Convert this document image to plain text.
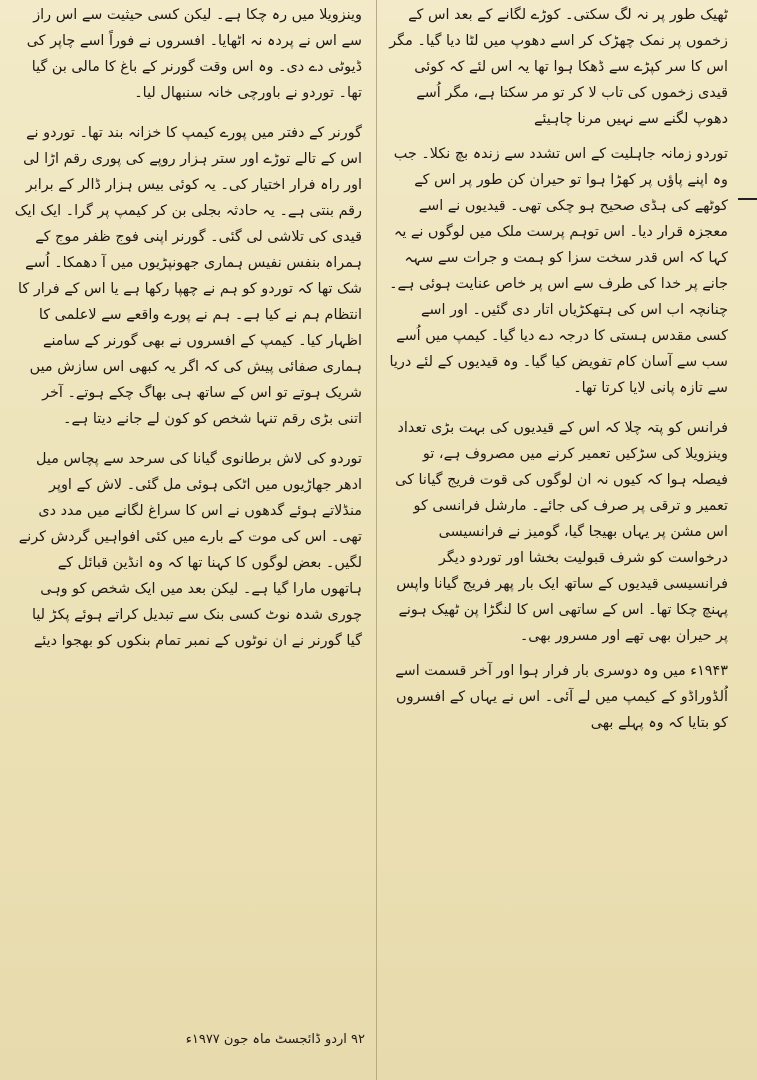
ٹھیک طور پر نہ لگ سکتی۔ کوڑے لگانے کے بعد اس کے زخموں پر نمک چھڑک کر اسے دھوپ میں لٹا دیا گیا۔ مگر اس کا سر کپڑے سے ڈھکا ہوا تھا یہ اس لئے کہ کوئی قیدی زخموں کی تاب لا کر تو مر سکتا ہے، مگر اُسے دھوپ لگنے سے نہیں مرنا چاہیئے

توردو زمانہ جاہلیت کے اس تشدد سے زندہ بچ نکلا۔ جب وہ اپنے پاؤں پر کھڑا ہوا تو حیران کن طور پر اس کے کوٹھے کی ہڈی صحیح ہو چکی تھی۔ قیدیوں نے اسے معجزہ قرار دیا۔ اس توہم پرست ملک میں لوگوں نے یہ کہا کہ اس قدر سخت سزا کو ہمت و جرات سے سہہ جانے پر خدا کی طرف سے اس پر خاص عنایت ہوئی ہے۔ چنانچہ اب اس کی ہتھکڑیاں اتار دی گئیں۔ اور اسے کسی مقدس ہستی کا درجہ دے دیا گیا۔ کیمپ میں اُسے سب سے آسان کام تفویض کیا گیا۔ وہ قیدیوں کے لئے دریا سے تازہ پانی لایا کرتا تھا۔

فرانس کو پتہ چلا کہ اس کے قیدیوں کی بہت بڑی تعداد وینزویلا کی سڑکیں تعمیر کرنے میں مصروف ہے، تو فیصلہ ہوا کہ کیوں نہ ان لوگوں کی قوت فریج گیانا کی تعمیر و ترقی پر صرف کی جائے۔ مارشل فرانسی کو اس مشن پر یہاں بھیجا گیا، گومیز نے فرانسیسی درخواست کو شرف قبولیت بخشا اور توردو دیگر فرانسیسی قیدیوں کے ساتھ ایک بار پھر فریج گیانا واپس پہنچ چکا تھا۔ اس کے ساتھی اس کا لنگڑا پن ٹھیک ہونے پر حیران بھی تھے اور مسرور بھی۔

۱۹۴۳ء میں وہ دوسری بار فرار ہوا اور آخر قسمت اسے اُلڈوراڈو کے کیمپ میں لے آئی۔ اس نے یہاں کے افسروں کو بتایا کہ وہ پہلے بھی

وینزویلا میں رہ چکا ہے۔ لیکن کسی حیثیت سے اس راز سے اس نے پردہ نہ اٹھایا۔ افسروں نے فوراً اسے چاپر کی ڈیوٹی دے دی۔ وہ اس وقت گورنر کے باغ کا مالی بن گیا تھا۔ توردو نے باورچی خانہ سنبھال لیا۔

گورنر کے دفتر میں پورے کیمپ کا خزانہ بند تھا۔ توردو نے اس کے تالے توڑے اور ستر ہزار روپے کی پوری رقم اڑا لی اور راہ فرار اختیار کی۔ یہ کوئی بیس ہزار ڈالر کے برابر رقم بنتی ہے۔ یہ حادثہ بجلی بن کر کیمپ پر گرا۔ ایک ایک قیدی کی تلاشی لی گئی۔ گورنر اپنی فوج ظفر موج کے ہمراہ بنفس نفیس ہماری جھونپڑیوں میں آ دھمکا۔ اُسے شک تھا کہ توردو کو ہم نے چھپا رکھا ہے یا اس کے فرار کا انتظام ہم نے کیا ہے۔ ہم نے پورے واقعے سے لاعلمی کا اظہار کیا۔ کیمپ کے افسروں نے بھی گورنر کے سامنے ہماری صفائی پیش کی کہ اگر یہ کبھی اس سازش میں شریک ہوتے تو اس کے ساتھ ہی بھاگ چکے ہوتے۔ آخر اتنی بڑی رقم تنہا شخص کو کون لے جانے دیتا ہے۔

توردو کی لاش برطانوی گیانا کی سرحد سے پچاس میل ادھر جھاڑیوں میں اٹکی ہوئی مل گئی۔ لاش کے اوپر منڈلاتے ہوئے گدھوں نے اس کا سراغ لگانے میں مدد دی تھی۔ اس کی موت کے بارے میں کئی افواہیں گردش کرنے لگیں۔ بعض لوگوں کا کہنا تھا کہ وہ انڈین قبائل کے ہاتھوں مارا گیا ہے۔ لیکن بعد میں ایک شخص کو وہی چوری شدہ نوٹ کسی بنک سے تبدیل کراتے ہوئے پکڑ لیا گیا گورنر نے ان نوٹوں کے نمبر تمام بنکوں کو بھجوا دیئے

۹۲ اردو ڈائجسٹ ماہ جون ۱۹۷۷ء
